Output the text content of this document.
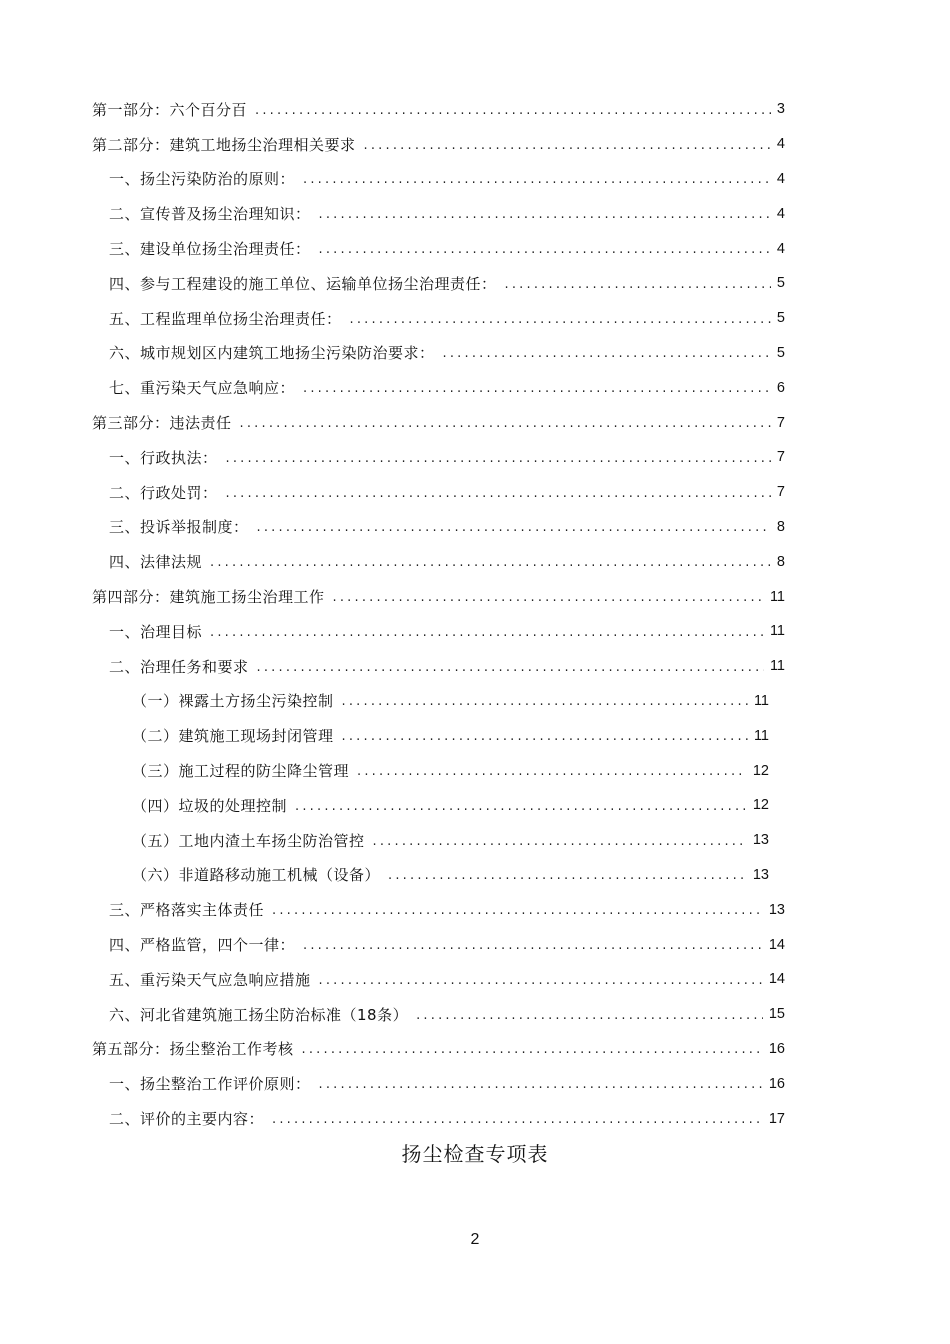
第一部分：六个百分百 .....	3
第二部分：建筑工地扬尘治理相关要求 .....	4
一、扬尘污染防治的原则： .....	4
二、宣传普及扬尘治理知识： .....	4
三、建设单位扬尘治理责任： .....	4
四、参与工程建设的施工单位、运输单位扬尘治理责任： .....	5
五、工程监理单位扬尘治理责任： .....	5
六、城市规划区内建筑工地扬尘污染防治要求： .....	5
七、重污染天气应急响应： .....	6
第三部分：违法责任 .....	7
一、行政执法： .....	7
二、行政处罚： .....	7
三、投诉举报制度： .....	8
四、法律法规 .....	8
第四部分：建筑施工扬尘治理工作 .....	11
一、治理目标 .....	11
二、治理任务和要求 .....	11
（一）裸露土方扬尘污染控制 .....	11
（二）建筑施工现场封闭管理 .....	11
（三）施工过程的防尘降尘管理 .....	12
（四）垃圾的处理控制 .....	12
（五）工地内渣土车扬尘防治管控 .....	13
（六）非道路移动施工机械（设备） .....	13
三、严格落实主体责任 .....	13
四、严格监管，四个一律： .....	14
五、重污染天气应急响应措施 .....	14
六、河北省建筑施工扬尘防治标准（18条） .....	15
第五部分：扬尘整治工作考核 .....	16
一、扬尘整治工作评价原则： .....	16
二、评价的主要内容： .....	17
扬尘检查专项表
2
